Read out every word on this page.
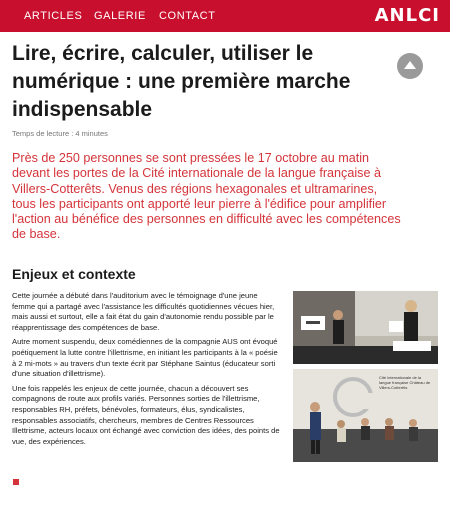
ARTICLES GALERIE CONTACT	ANLCI
Lire, écrire, calculer, utiliser le numérique : une première marche indispensable
Temps de lecture : 4 minutes

Près de 250 personnes se sont pressées le 17 octobre au matin devant les portes de la Cité internationale de la langue française à Villers-Cotterêts. Venus des régions hexagonales et ultramarines, tous les participants ont apporté leur pierre à l'édifice pour amplifier l'action au bénéfice des personnes en difficulté avec les compétences de base.

Enjeux et contexte

Cette journée a débuté dans l'auditorium avec le témoignage d'une jeune femme qui a partagé avec l'assistance les difficultés quotidiennes vécues hier, mais aussi et surtout, elle a fait état du gain d'autonomie rendu possible par le réapprentissage des compétences de base.

Autre moment suspendu, deux comédiennes de la compagnie AUS ont évoqué poétiquement la lutte contre l'illettrisme, en initiant les participants à la « poésie à 2 mi-mots » au travers d'un texte écrit par Stéphane Saintus (éducateur sorti d'une situation d'illettrisme).

Une fois rappelés les enjeux de cette journée, chacun a découvert ses compagnons de route aux profils variés. Personnes sorties de l'illettrisme, responsables RH, préfets, bénévoles, formateurs, élus, syndicalistes, responsables associatifs, chercheurs, membres de Centres Ressources Illettrisme, acteurs locaux ont échangé avec conviction des idées, des points de vue, des expériences.

Cité internationale de la langue française Château de Villers-Cotterêts
